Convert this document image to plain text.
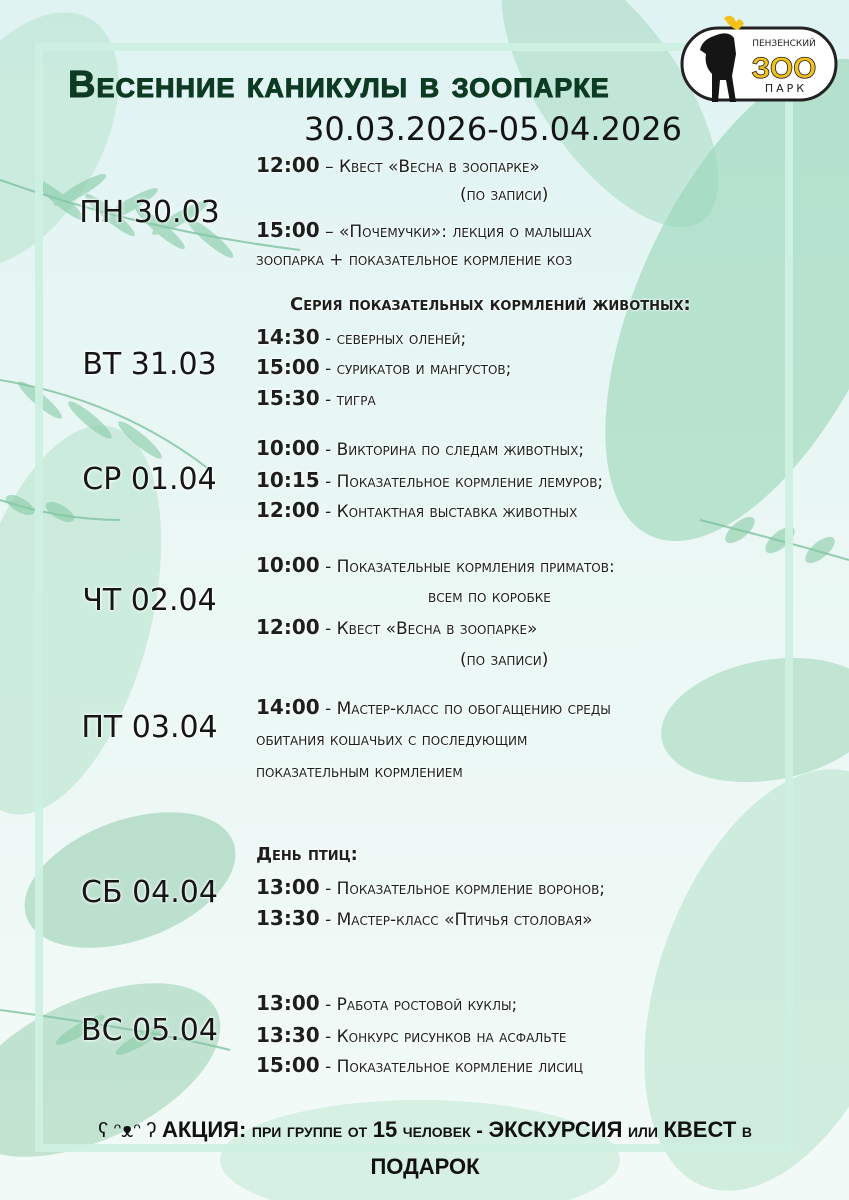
ПЕНЗЕНСКИЙ
ЗОО
ПАРК
Весенние каникулы в зоопарке
30.03.2026-05.04.2026
ПН 30.03
12:00 – Квест «Весна в зоопарке»
(по записи)
15:00 – «Почемучки»: лекция о малышах
зоопарка + показательное кормление коз
ВТ 31.03
Серия показательных кормлений животных:
14:30 - северных оленей;
15:00 - сурикатов и мангустов;
15:30 - тигра
СР 01.04
10:00 - Викторина по следам животных;
10:15 - Показательное кормление лемуров;
12:00 - Контактная выставка животных
ЧТ 02.04
10:00 - Показательные кормления приматов:
всем по коробке
12:00 - Квест «Весна в зоопарке»
(по записи)
ПТ 03.04
14:00 - Мастер-класс по обогащению среды
обитания кошачьих с последующим
показательным кормлением
СБ 04.04
День птиц:
13:00 - Показательное кормление воронов;
13:30 - Мастер-класс «Птичья столовая»
ВС 05.04
13:00 - Работа ростовой куклы;
13:30 - Конкурс рисунков на асфальте
15:00 - Показательное кормление лисиц
ʕ ᵔᴥᵔ ʔ АКЦИЯ: при группе от 15 человек - ЭКСКУРСИЯ или КВЕСТ в
ПОДАРОК
